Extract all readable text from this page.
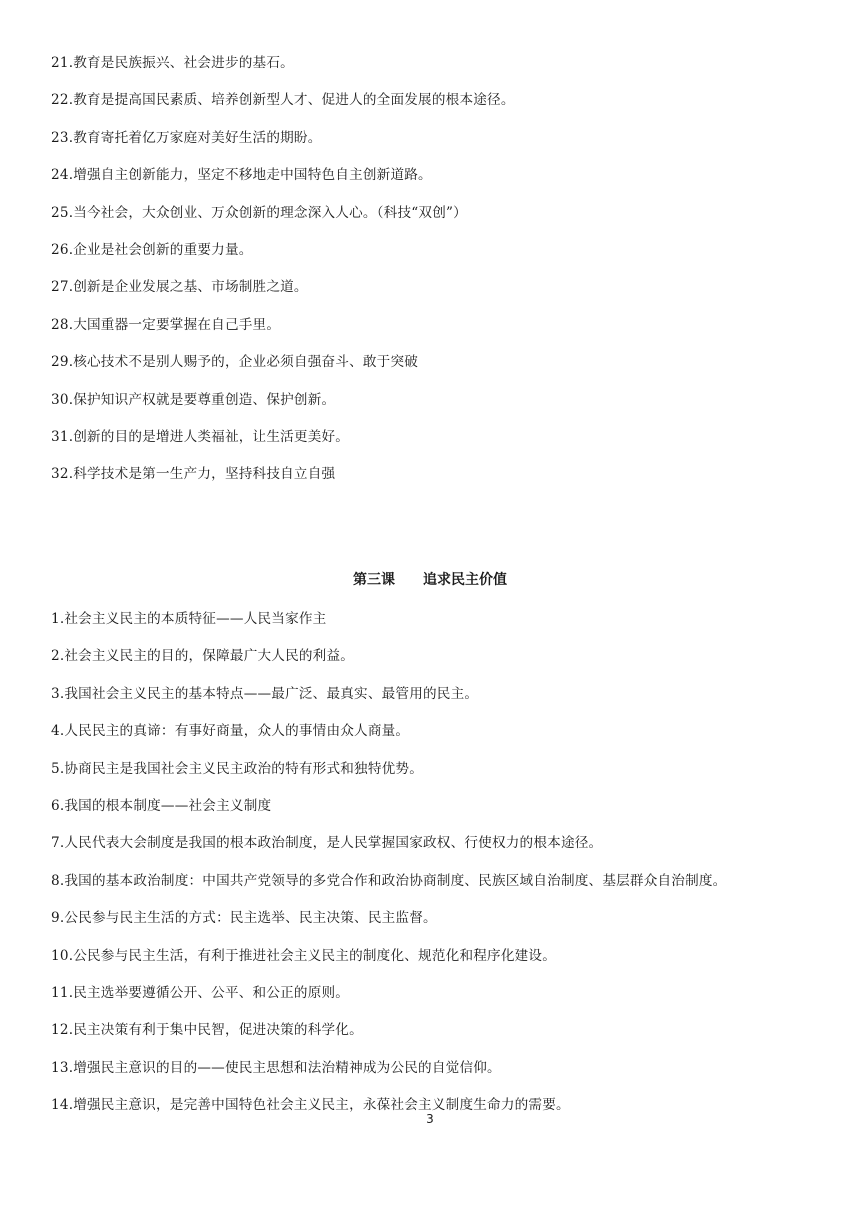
21.教育是民族振兴、社会进步的基石。
22.教育是提高国民素质、培养创新型人才、促进人的全面发展的根本途径。
23.教育寄托着亿万家庭对美好生活的期盼。
24.增强自主创新能力，坚定不移地走中国特色自主创新道路。
25.当今社会，大众创业、万众创新的理念深入人心。（科技“双创”）
26.企业是社会创新的重要力量。
27.创新是企业发展之基、市场制胜之道。
28.大国重器一定要掌握在自己手里。
29.核心技术不是别人赐予的，企业必须自强奋斗、敢于突破
30.保护知识产权就是要尊重创造、保护创新。
31.创新的目的是增进人类福祉，让生活更美好。
32.科学技术是第一生产力，坚持科技自立自强
第三课 追求民主价值
1.社会主义民主的本质特征——人民当家作主
2.社会主义民主的目的，保障最广大人民的利益。
3.我国社会主义民主的基本特点——最广泛、最真实、最管用的民主。
4.人民民主的真谛：有事好商量，众人的事情由众人商量。
5.协商民主是我国社会主义民主政治的特有形式和独特优势。
6.我国的根本制度——社会主义制度
7.人民代表大会制度是我国的根本政治制度，是人民掌握国家政权、行使权力的根本途径。
8.我国的基本政治制度：中国共产党领导的多党合作和政治协商制度、民族区域自治制度、基层群众自治制度。
9.公民参与民主生活的方式：民主选举、民主决策、民主监督。
10.公民参与民主生活，有利于推进社会主义民主的制度化、规范化和程序化建设。
11.民主选举要遵循公开、公平、和公正的原则。
12.民主决策有利于集中民智，促进决策的科学化。
13.增强民主意识的目的——使民主思想和法治精神成为公民的自觉信仰。
14.增强民主意识，是完善中国特色社会主义民主，永葆社会主义制度生命力的需要。
3
